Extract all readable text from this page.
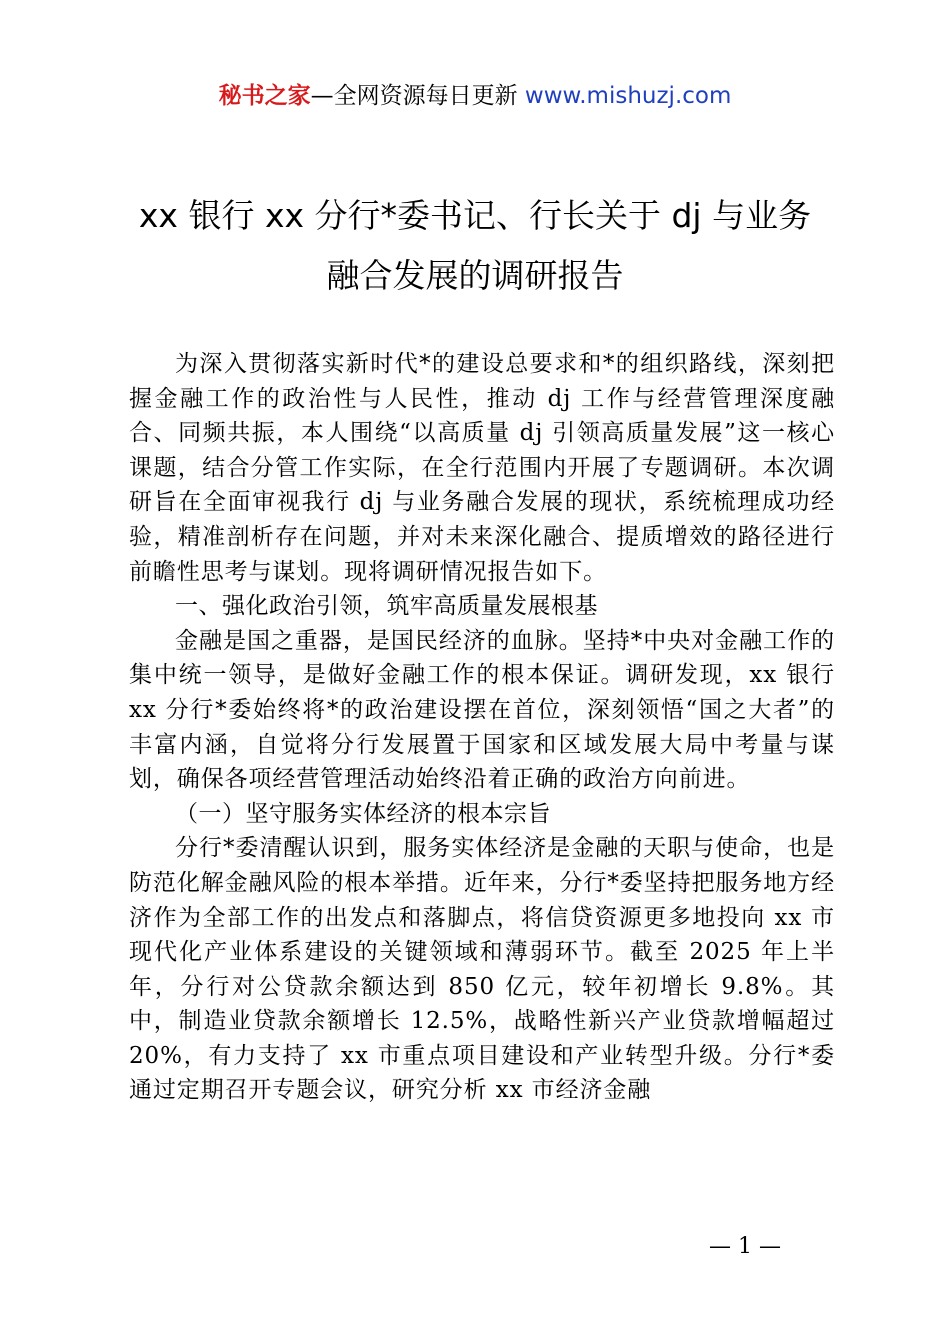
秘书之家—全网资源每日更新 www.mishuzj.com
xx 银行 xx 分行*委书记、行长关于 dj 与业务
融合发展的调研报告

为深入贯彻落实新时代*的建设总要求和*的组织路线，深刻把握金融工作的政治性与人民性，推动 dj 工作与经营管理深度融合、同频共振，本人围绕“以高质量 dj 引领高质量发展”这一核心课题，结合分管工作实际，在全行范围内开展了专题调研。本次调研旨在全面审视我行 dj 与业务融合发展的现状，系统梳理成功经验，精准剖析存在问题，并对未来深化融合、提质增效的路径进行前瞻性思考与谋划。现将调研情况报告如下。

一、强化政治引领，筑牢高质量发展根基

金融是国之重器，是国民经济的血脉。坚持*中央对金融工作的集中统一领导，是做好金融工作的根本保证。调研发现，xx 银行 xx 分行*委始终将*的政治建设摆在首位，深刻领悟“国之大者”的丰富内涵，自觉将分行发展置于国家和区域发展大局中考量与谋划，确保各项经营管理活动始终沿着正确的政治方向前进。

（一）坚守服务实体经济的根本宗旨

分行*委清醒认识到，服务实体经济是金融的天职与使命，也是防范化解金融风险的根本举措。近年来，分行*委坚持把服务地方经济作为全部工作的出发点和落脚点，将信贷资源更多地投向 xx 市现代化产业体系建设的关键领域和薄弱环节。截至 2025 年上半年，分行对公贷款余额达到 850 亿元，较年初增长 9.8%。其中，制造业贷款余额增长 12.5%，战略性新兴产业贷款增幅超过 20%，有力支持了 xx 市重点项目建设和产业转型升级。分行*委通过定期召开专题会议，研究分析 xx 市经济金融

— 1 —
